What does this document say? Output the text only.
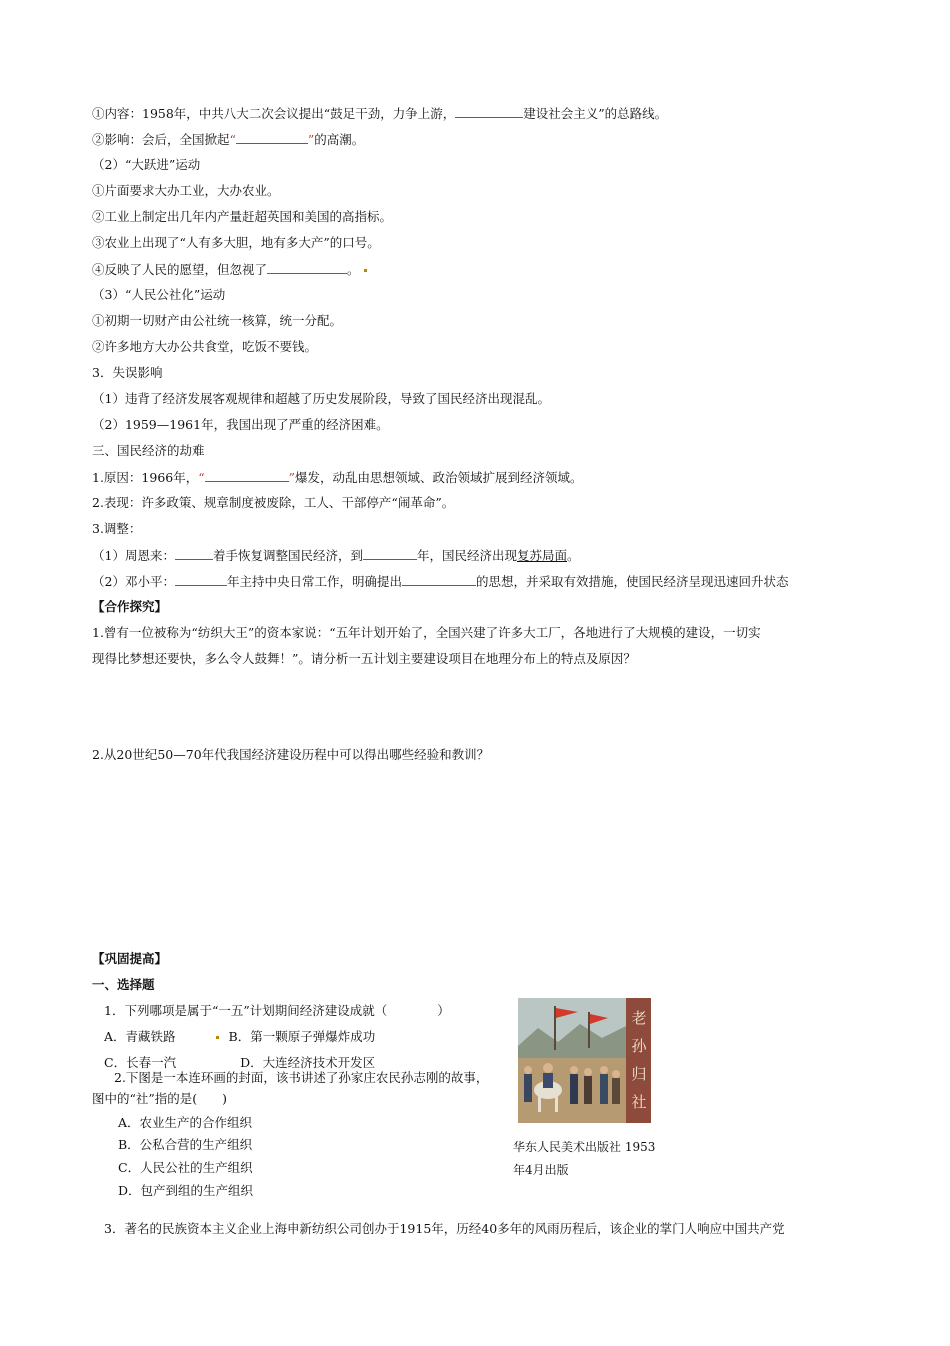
①内容：1958年，中共八大二次会议提出“鼓足干劲，力争上游，	建设社会主义”的总路线。
②影响：会后，全国掀起“	”的高潮。
（2）“大跃进”运动
①片面要求大办工业，大办农业。
②工业上制定出几年内产量赶超英国和美国的高指标。
③农业上出现了“人有多大胆，地有多大产”的口号。
④反映了人民的愿望，但忽视了	。
（3）“人民公社化”运动
①初期一切财产由公社统一核算，统一分配。
②许多地方大办公共食堂，吃饭不要钱。
3．失误影响
（1）违背了经济发展客观规律和超越了历史发展阶段，导致了国民经济出现混乱。
（2）1959—1961年，我国出现了严重的经济困难。
三、国民经济的劫难
1.原因：1966年，“	”爆发，动乱由思想领域、政治领域扩展到经济领域。
2.表现：许多政策、规章制度被废除，工人、干部停产“闹革命”。
3.调整：
（1）周恩来：	着手恢复调整国民经济，到	年，国民经济出现复苏局面。
（2）邓小平：	年主持中央日常工作，明确提出	的思想，并采取有效措施，使国民经济呈现迅速回升状态
【合作探究】
1.曾有一位被称为“纺织大王”的资本家说：“五年计划开始了，全国兴建了许多大工厂，各地进行了大规模的建设，一切实
现得比梦想还要快，多么令人鼓舞！”。请分析一五计划主要建设项目在地理分布上的特点及原因？
2.从20世纪50—70年代我国经济建设历程中可以得出哪些经验和教训？
【巩固提高】
一、选择题
1．下列哪项是属于“一五”计划期间经济建设成就（　　　　）
A．青藏铁路	B．第一颗原子弹爆炸成功
C．长春一汽	D．大连经济技术开发区
2.下图是一本连环画的封面，该书讲述了孙家庄农民孙志刚的故事，
图中的“社”指的是(　　)
A．农业生产的合作组织
B．公私合营的生产组织
C．人民公社的生产组织
D．包产到组的生产组织
老孙归社
华东人民美术出版社 1953
年4月出版
3．著名的民族资本主义企业上海申新纺织公司创办于1915年，历经40多年的风雨历程后，该企业的掌门人响应中国共产党
